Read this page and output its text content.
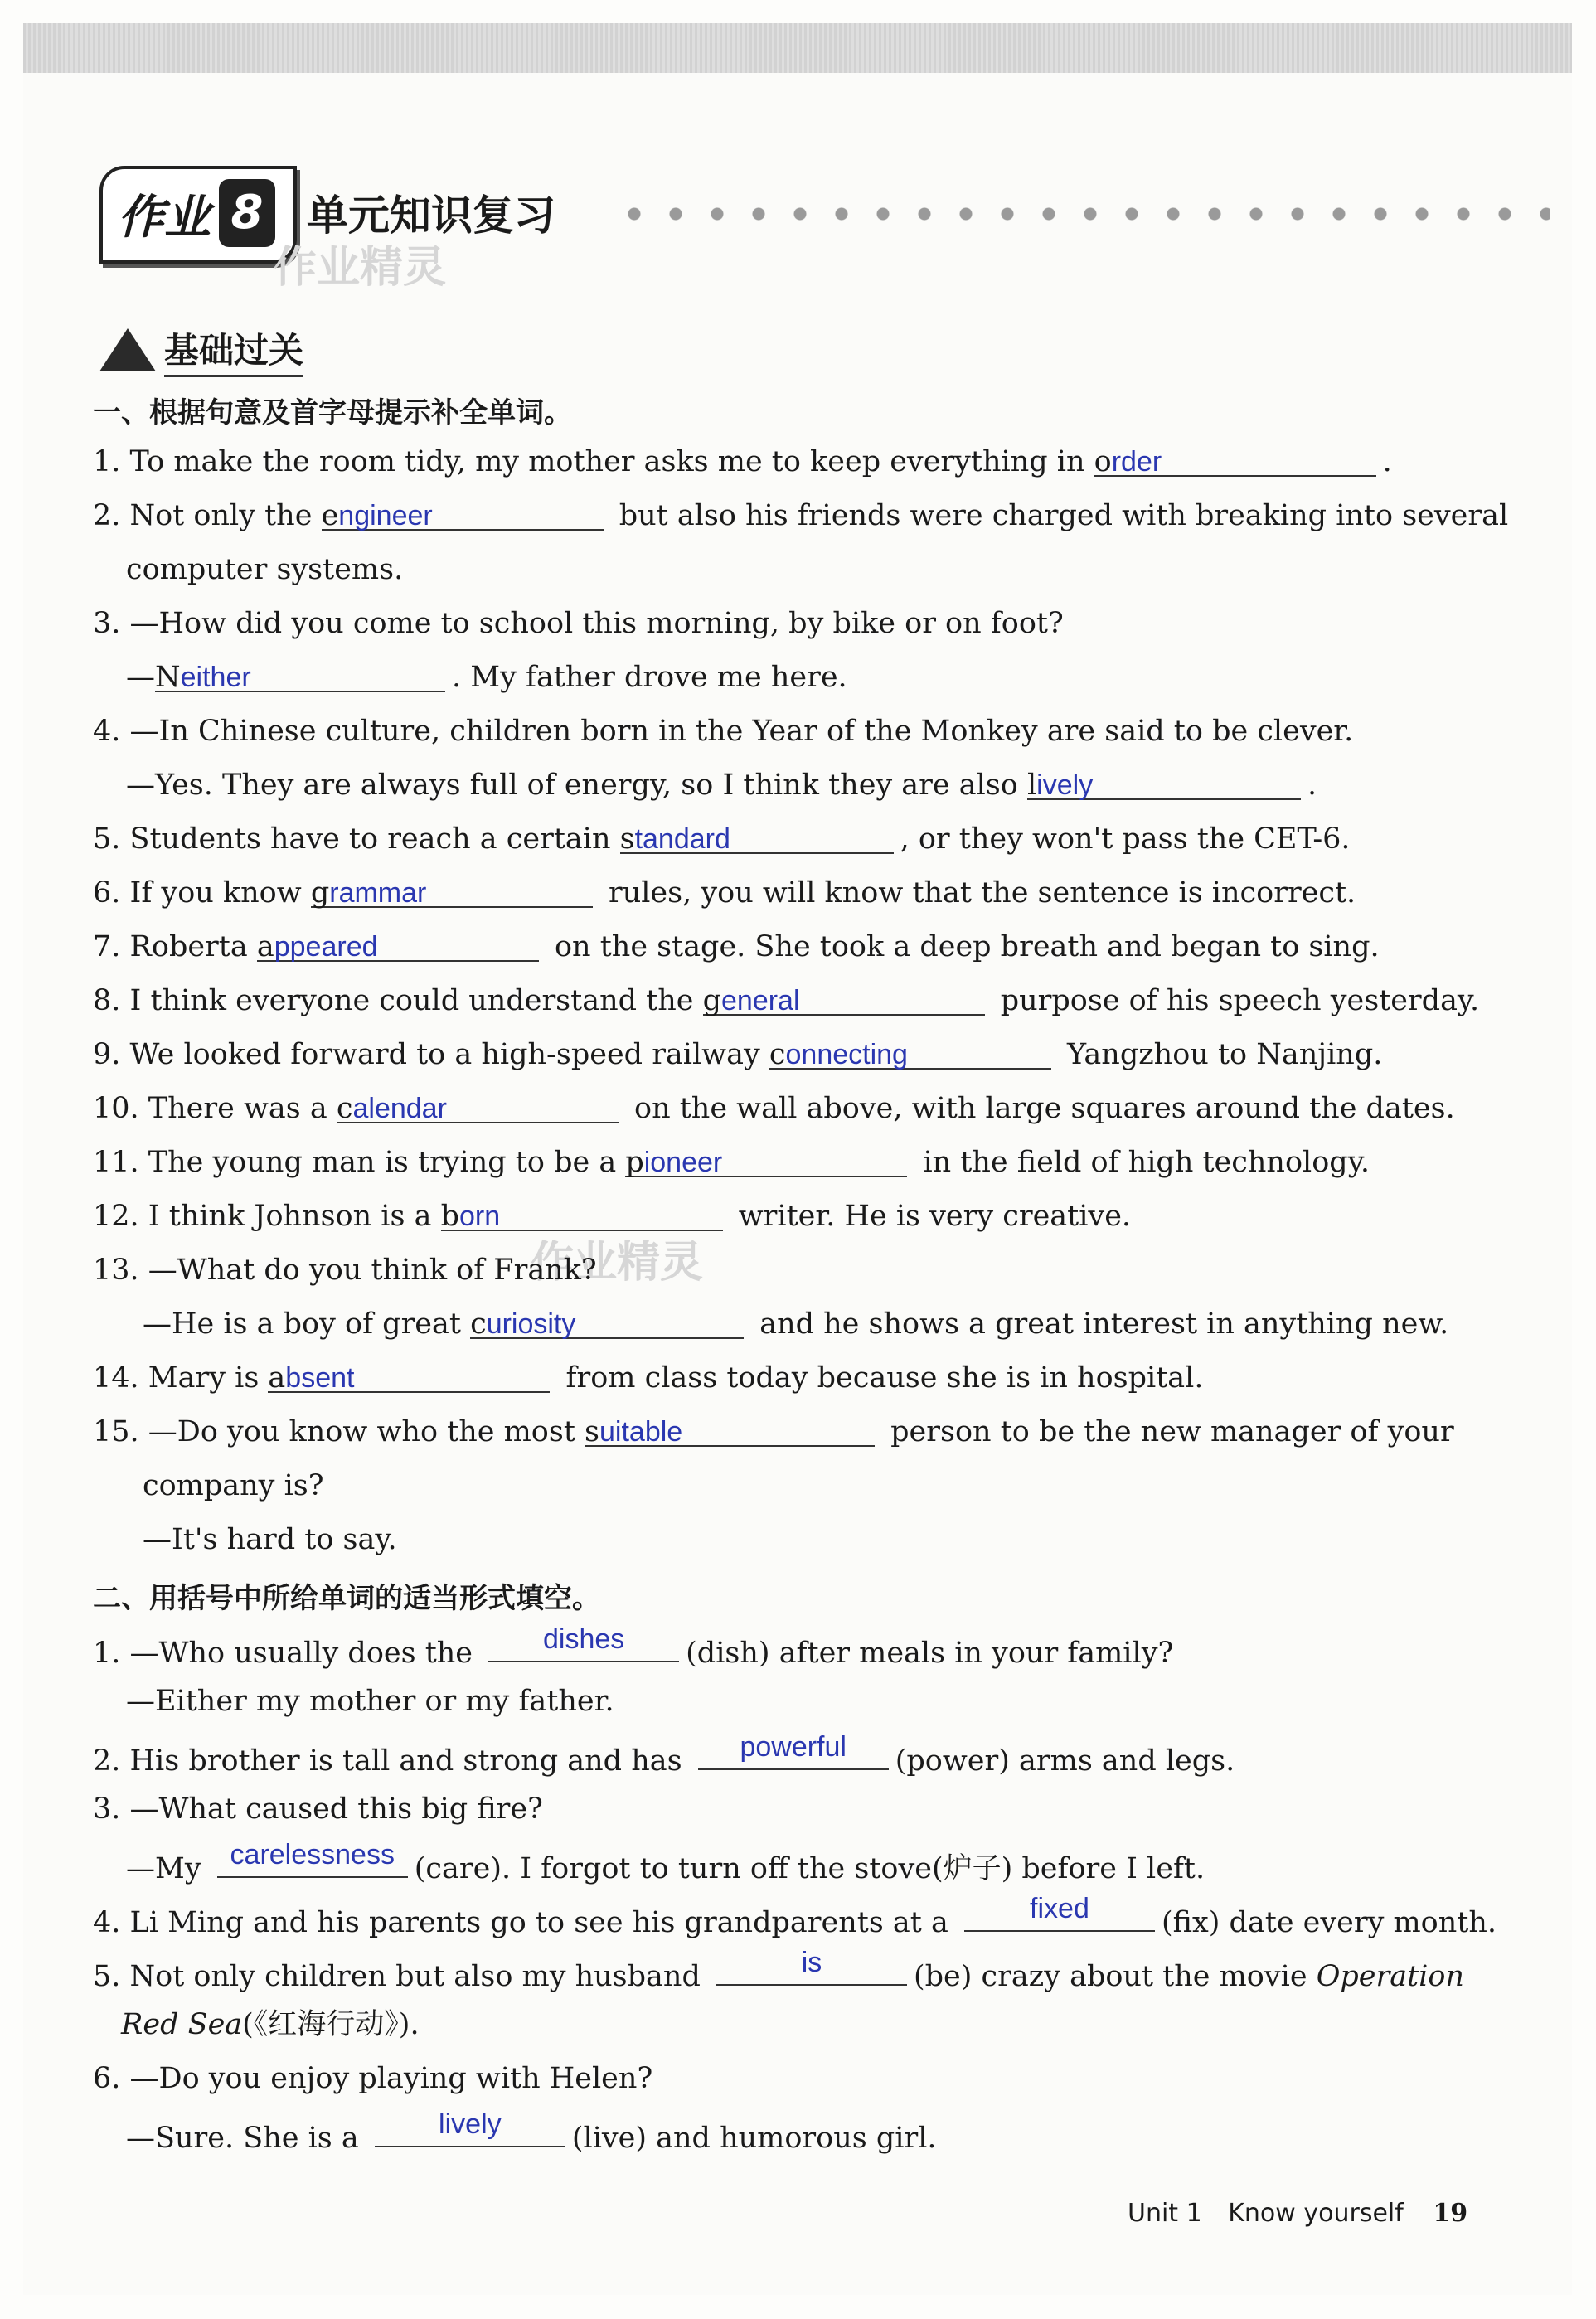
作业 8 单元知识复习
作业精灵
基础过关
一、根据句意及首字母提示补全单词。
1. To make the room tidy, my mother asks me to keep everything in order	.
2. Not only the engineer	but also his friends were charged with breaking into several
computer systems.
3. —How did you come to school this morning, by bike or on foot?
—Neither	. My father drove me here.
4. —In Chinese culture, children born in the Year of the Monkey are said to be clever.
—Yes. They are always full of energy, so I think they are also lively	.
5. Students have to reach a certain standard	, or they won't pass the CET-6.
6. If you know grammar	rules, you will know that the sentence is incorrect.
7. Roberta appeared	on the stage. She took a deep breath and began to sing.
8. I think everyone could understand the general	purpose of his speech yesterday.
9. We looked forward to a high-speed railway connecting	Yangzhou to Nanjing.
10. There was a calendar	on the wall above, with large squares around the dates.
11. The young man is trying to be a pioneer	in the field of high technology.
12. I think Johnson is a born	writer. He is very creative.
作业精灵
13. —What do you think of Frank?
—He is a boy of great curiosity	and he shows a great interest in anything new.
14. Mary is absent	from class today because she is in hospital.
15. —Do you know who the most suitable	person to be the new manager of your
company is?
—It's hard to say.
二、用括号中所给单词的适当形式填空。
1. —Who usually does the	dishes	(dish) after meals in your family?
—Either my mother or my father.
2. His brother is tall and strong and has	powerful	(power) arms and legs.
3. —What caused this big fire?
—My carelessness (care). I forgot to turn off the stove(炉子) before I left.
4. Li Ming and his parents go to see his grandparents at a	fixed	(fix) date every month.
5. Not only children but also my husband	is	(be) crazy about the movie Operation
Red Sea(《红海行动》).
6. —Do you enjoy playing with Helen?
—Sure. She is a	lively	(live) and humorous girl.
Unit 1 Know yourself 19
